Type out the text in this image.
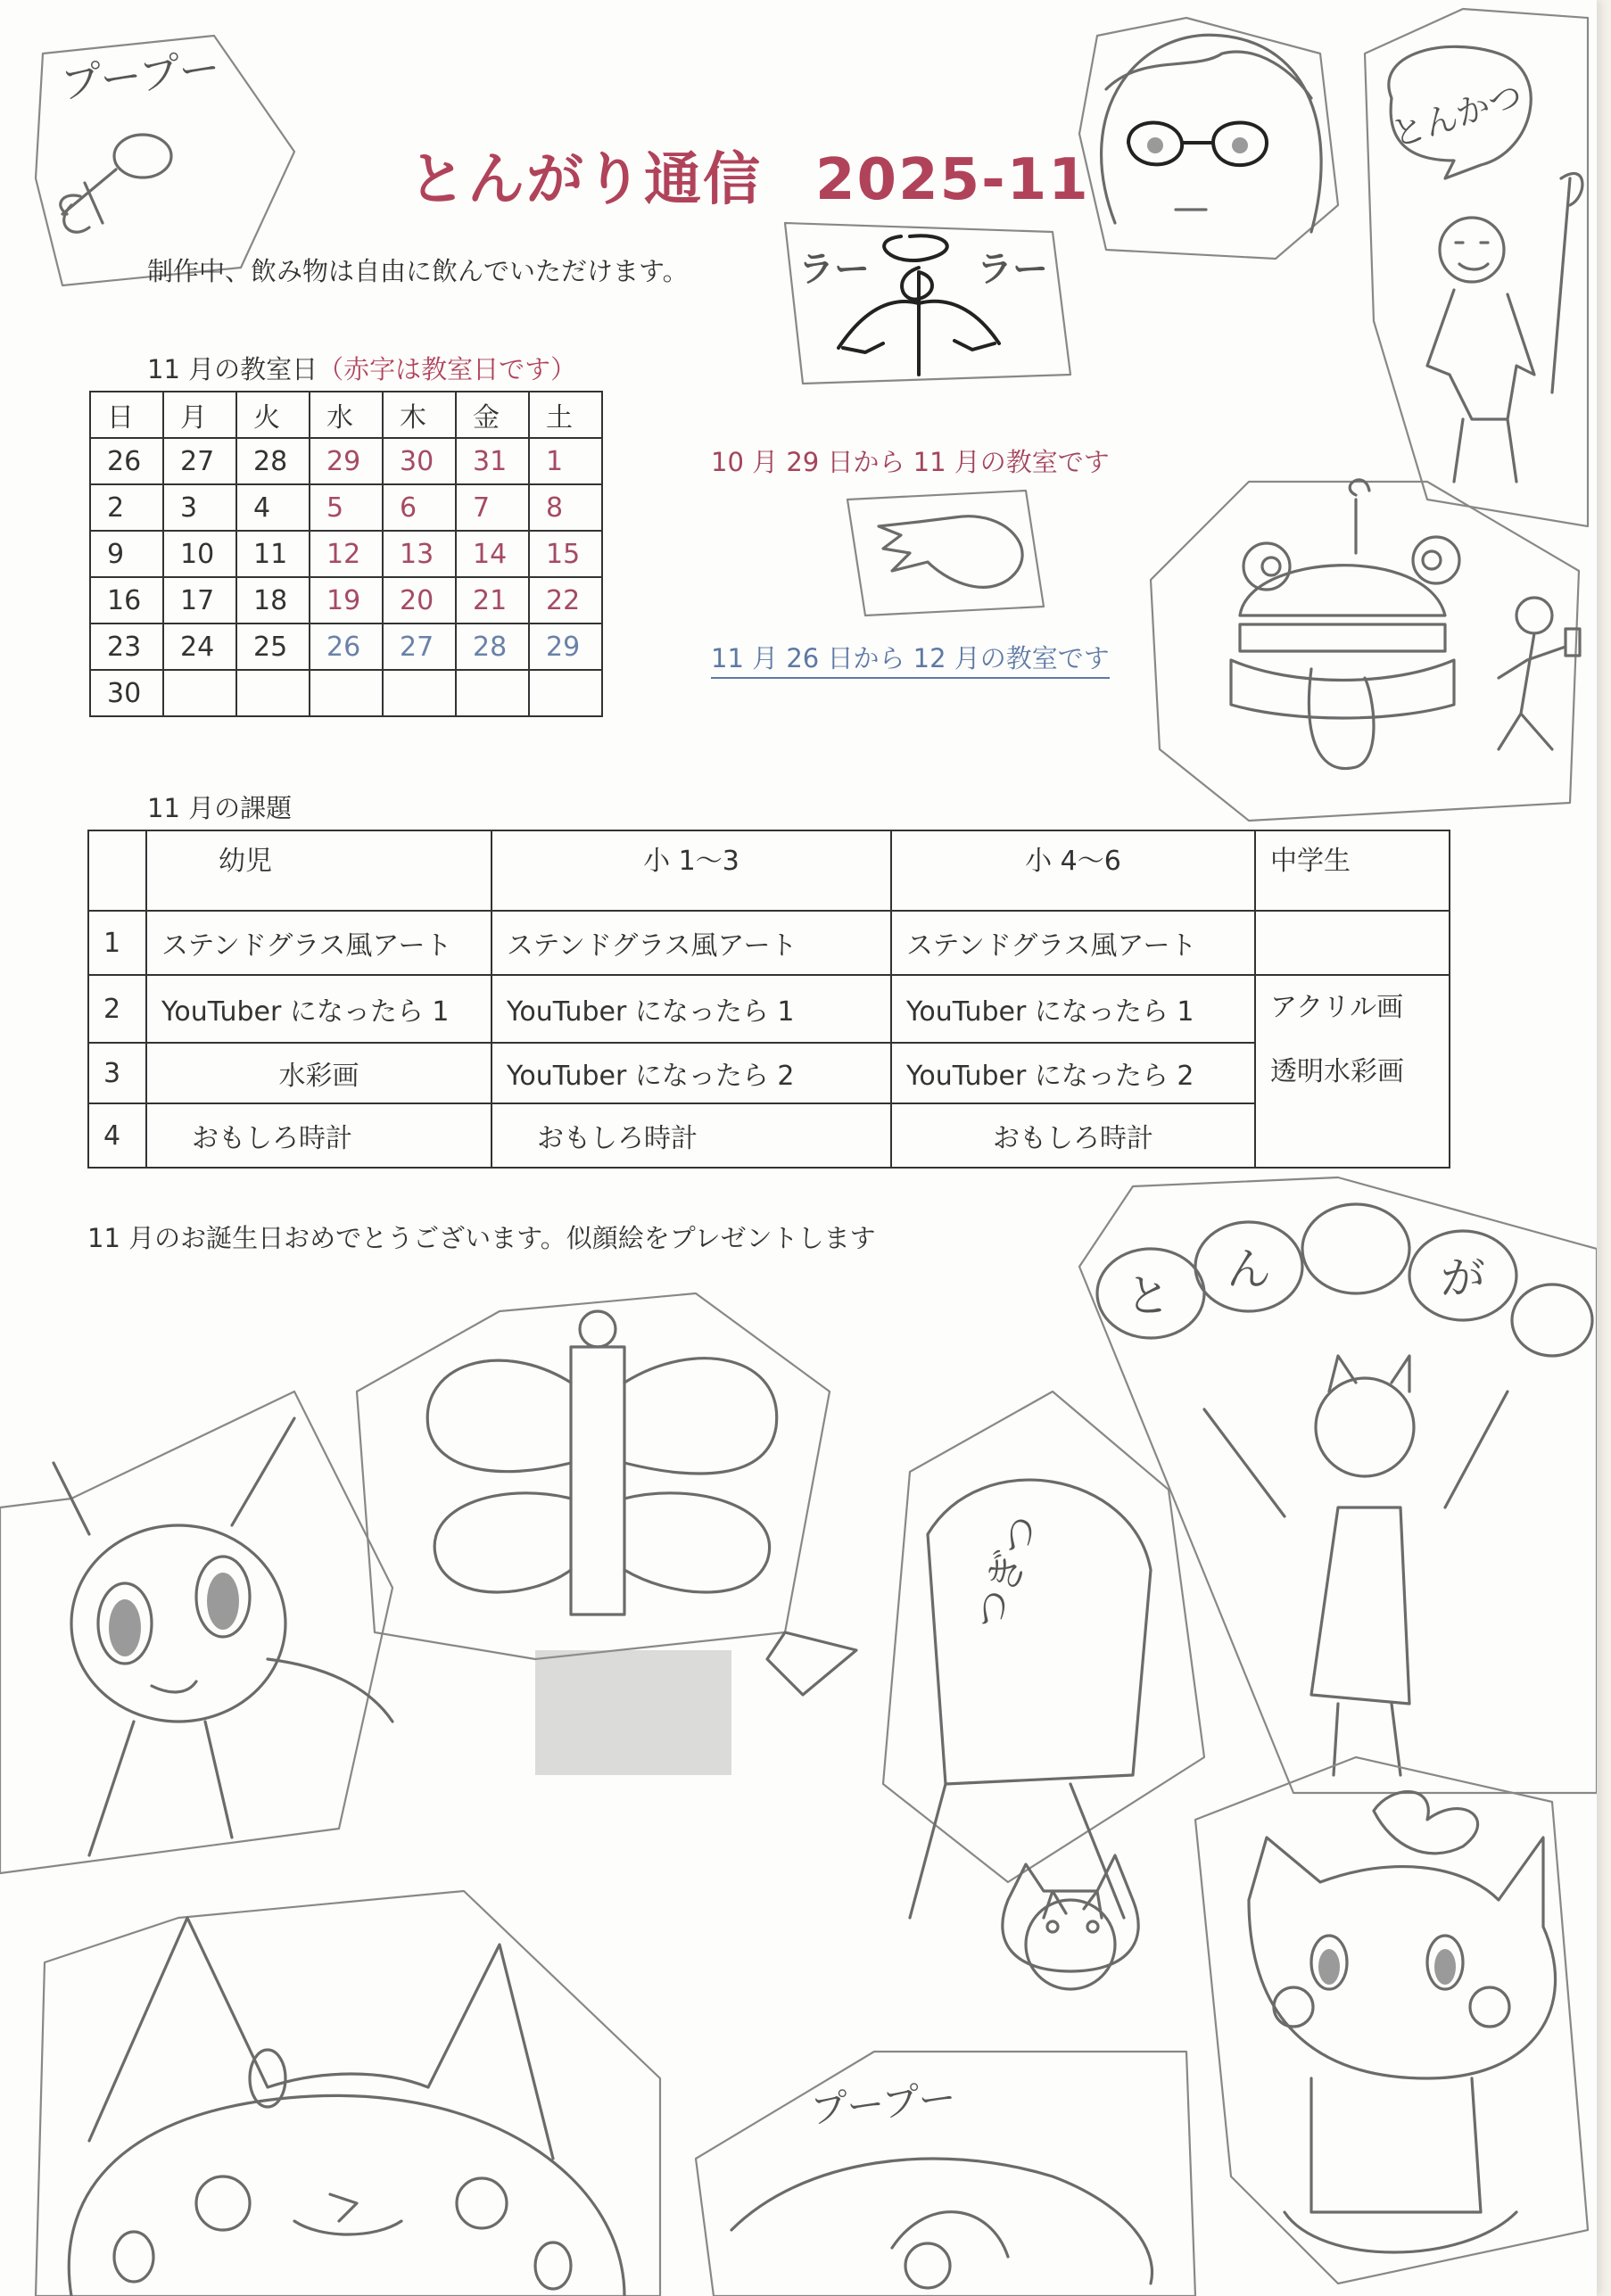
プープー
とんかつ
ラー	ラー
と
ん	が
つぎつ
プープー
とんがり通信 2025-11
制作中、飲み物は自由に飲んでいただけます。
11 月の教室日（赤字は教室日です）
日	月	火	水	木	金	土
26	27	28	29	30	31	1
2	3	4	5	6	7	8
9	10	11	12	13	14	15
16	17	18	19	20	21	22
23	24	25	26	27	28	29
30						
10 月 29 日から 11 月の教室です
11 月 26 日から 12 月の教室です
11 月の課題
	幼児	小 1〜3	小 4〜6	中学生
1	ステンドグラス風アート	ステンドグラス風アート	ステンドグラス風アート	
2	YouTuber になったら 1	YouTuber になったら 1	YouTuber になったら 1	アクリル画
透明水彩画

3	水彩画	YouTuber になったら 2	YouTuber になったら 2	
4	おもしろ時計	おもしろ時計	おもしろ時計	
11 月のお誕生日おめでとうございます。似顔絵をプレゼントします
